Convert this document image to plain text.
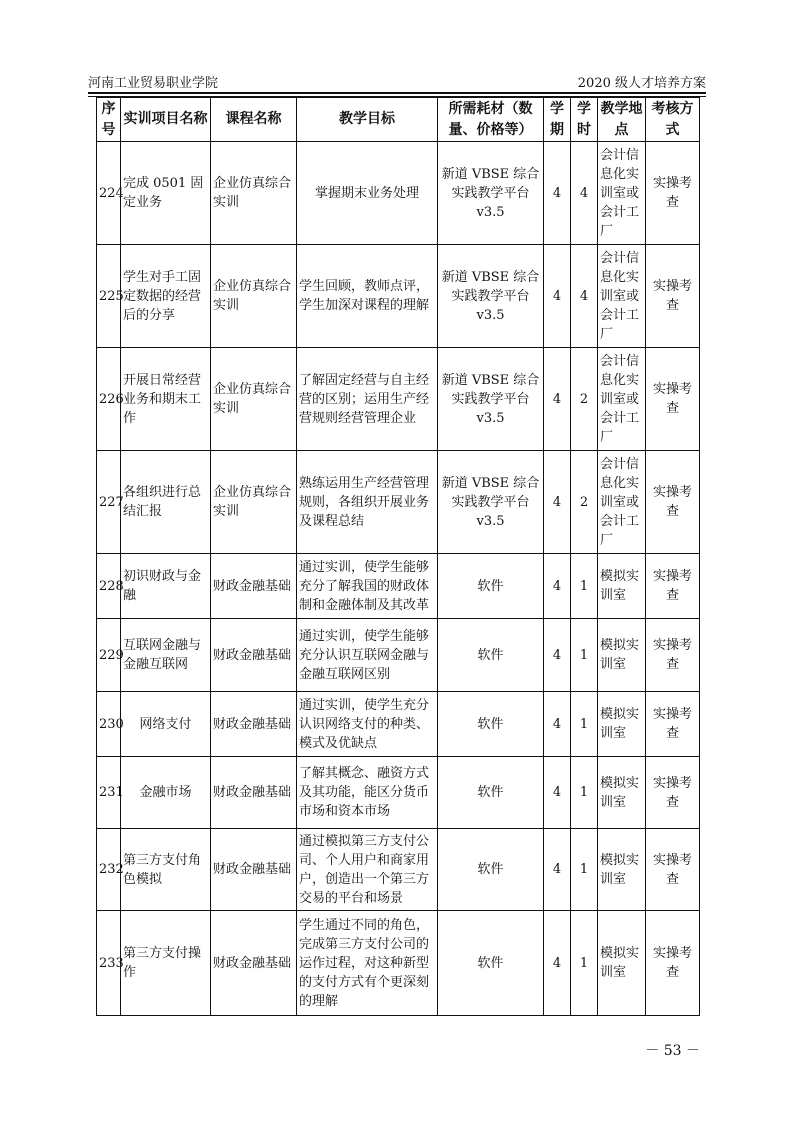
河南工业贸易职业学院	2020 级人才培养方案
序号	实训项目名称	课程名称	教学目标	所需耗材（数量、价格等）	学期	学时	教学地点	考核方式
224	完成 0501 固定业务	企业仿真综合实训	掌握期末业务处理	新道 VBSE 综合实践教学平台 v3.5	4	4	会计信息化实训室或会计工厂	实操考查
225	学生对手工固定数据的经营后的分享	企业仿真综合实训	学生回顾，教师点评，学生加深对课程的理解	新道 VBSE 综合实践教学平台 v3.5	4	4	会计信息化实训室或会计工厂	实操考查
226	开展日常经营业务和期末工作	企业仿真综合实训	了解固定经营与自主经营的区别；运用生产经营规则经营管理企业	新道 VBSE 综合实践教学平台 v3.5	4	2	会计信息化实训室或会计工厂	实操考查
227	各组织进行总结汇报	企业仿真综合实训	熟练运用生产经营管理规则，各组织开展业务及课程总结	新道 VBSE 综合实践教学平台 v3.5	4	2	会计信息化实训室或会计工厂	实操考查
228	初识财政与金融	财政金融基础	通过实训，使学生能够充分了解我国的财政体制和金融体制及其改革	软件	4	1	模拟实训室	实操考查
229	互联网金融与金融互联网	财政金融基础	通过实训，使学生能够充分认识互联网金融与金融互联网区别	软件	4	1	模拟实训室	实操考查
230	网络支付	财政金融基础	通过实训，使学生充分认识网络支付的种类、模式及优缺点	软件	4	1	模拟实训室	实操考查
231	金融市场	财政金融基础	了解其概念、融资方式及其功能，能区分货币市场和资本市场	软件	4	1	模拟实训室	实操考查
232	第三方支付角色模拟	财政金融基础	通过模拟第三方支付公司、个人用户和商家用户，创造出一个第三方交易的平台和场景	软件	4	1	模拟实训室	实操考查
233	第三方支付操作	财政金融基础	学生通过不同的角色，完成第三方支付公司的运作过程，对这种新型的支付方式有个更深刻的理解	软件	4	1	模拟实训室	实操考查
－ 53 －
